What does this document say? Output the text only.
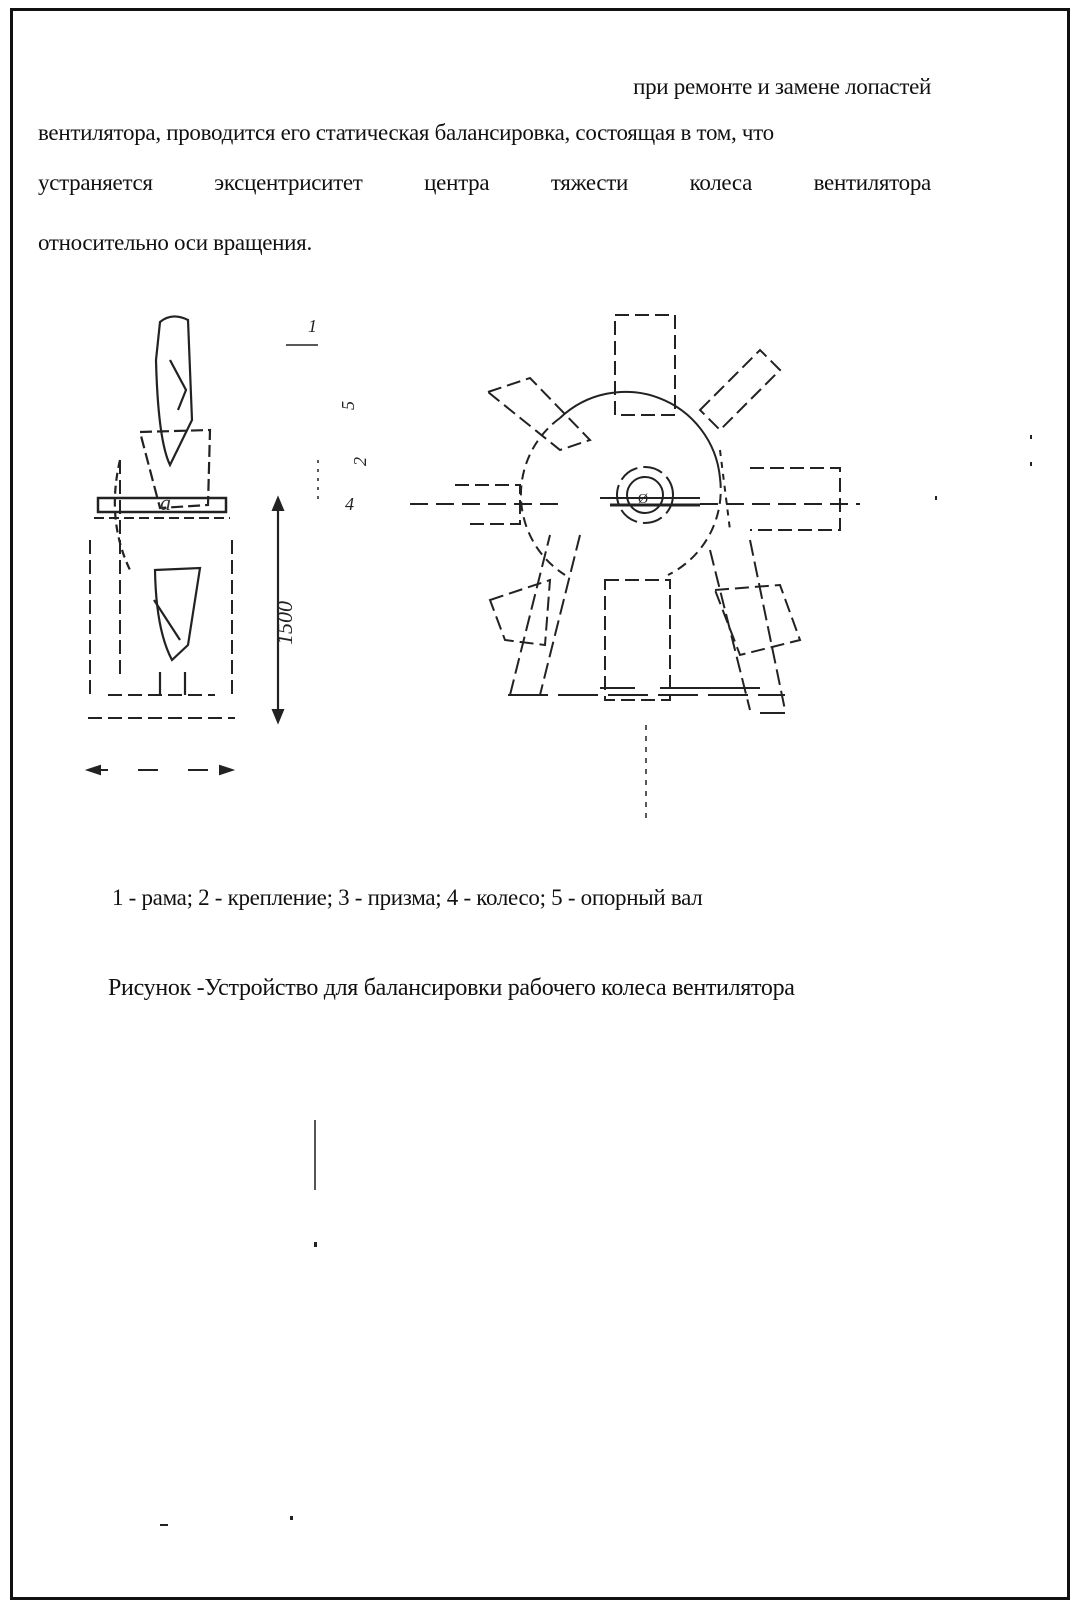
при ремонте и замене лопастей
вентилятора, проводится его статическая балансировка, состоящая в том, что
устраняется	эксцентриситет	центра	тяжести	колеса	вентилятора
относительно оси вращения.
a
1500
1
5
2
4	Ø
1 - рама; 2 - крепление; 3 - призма; 4 - колесо; 5 - опорный вал
Рисунок -Устройство для балансировки рабочего колеса вентилятора
